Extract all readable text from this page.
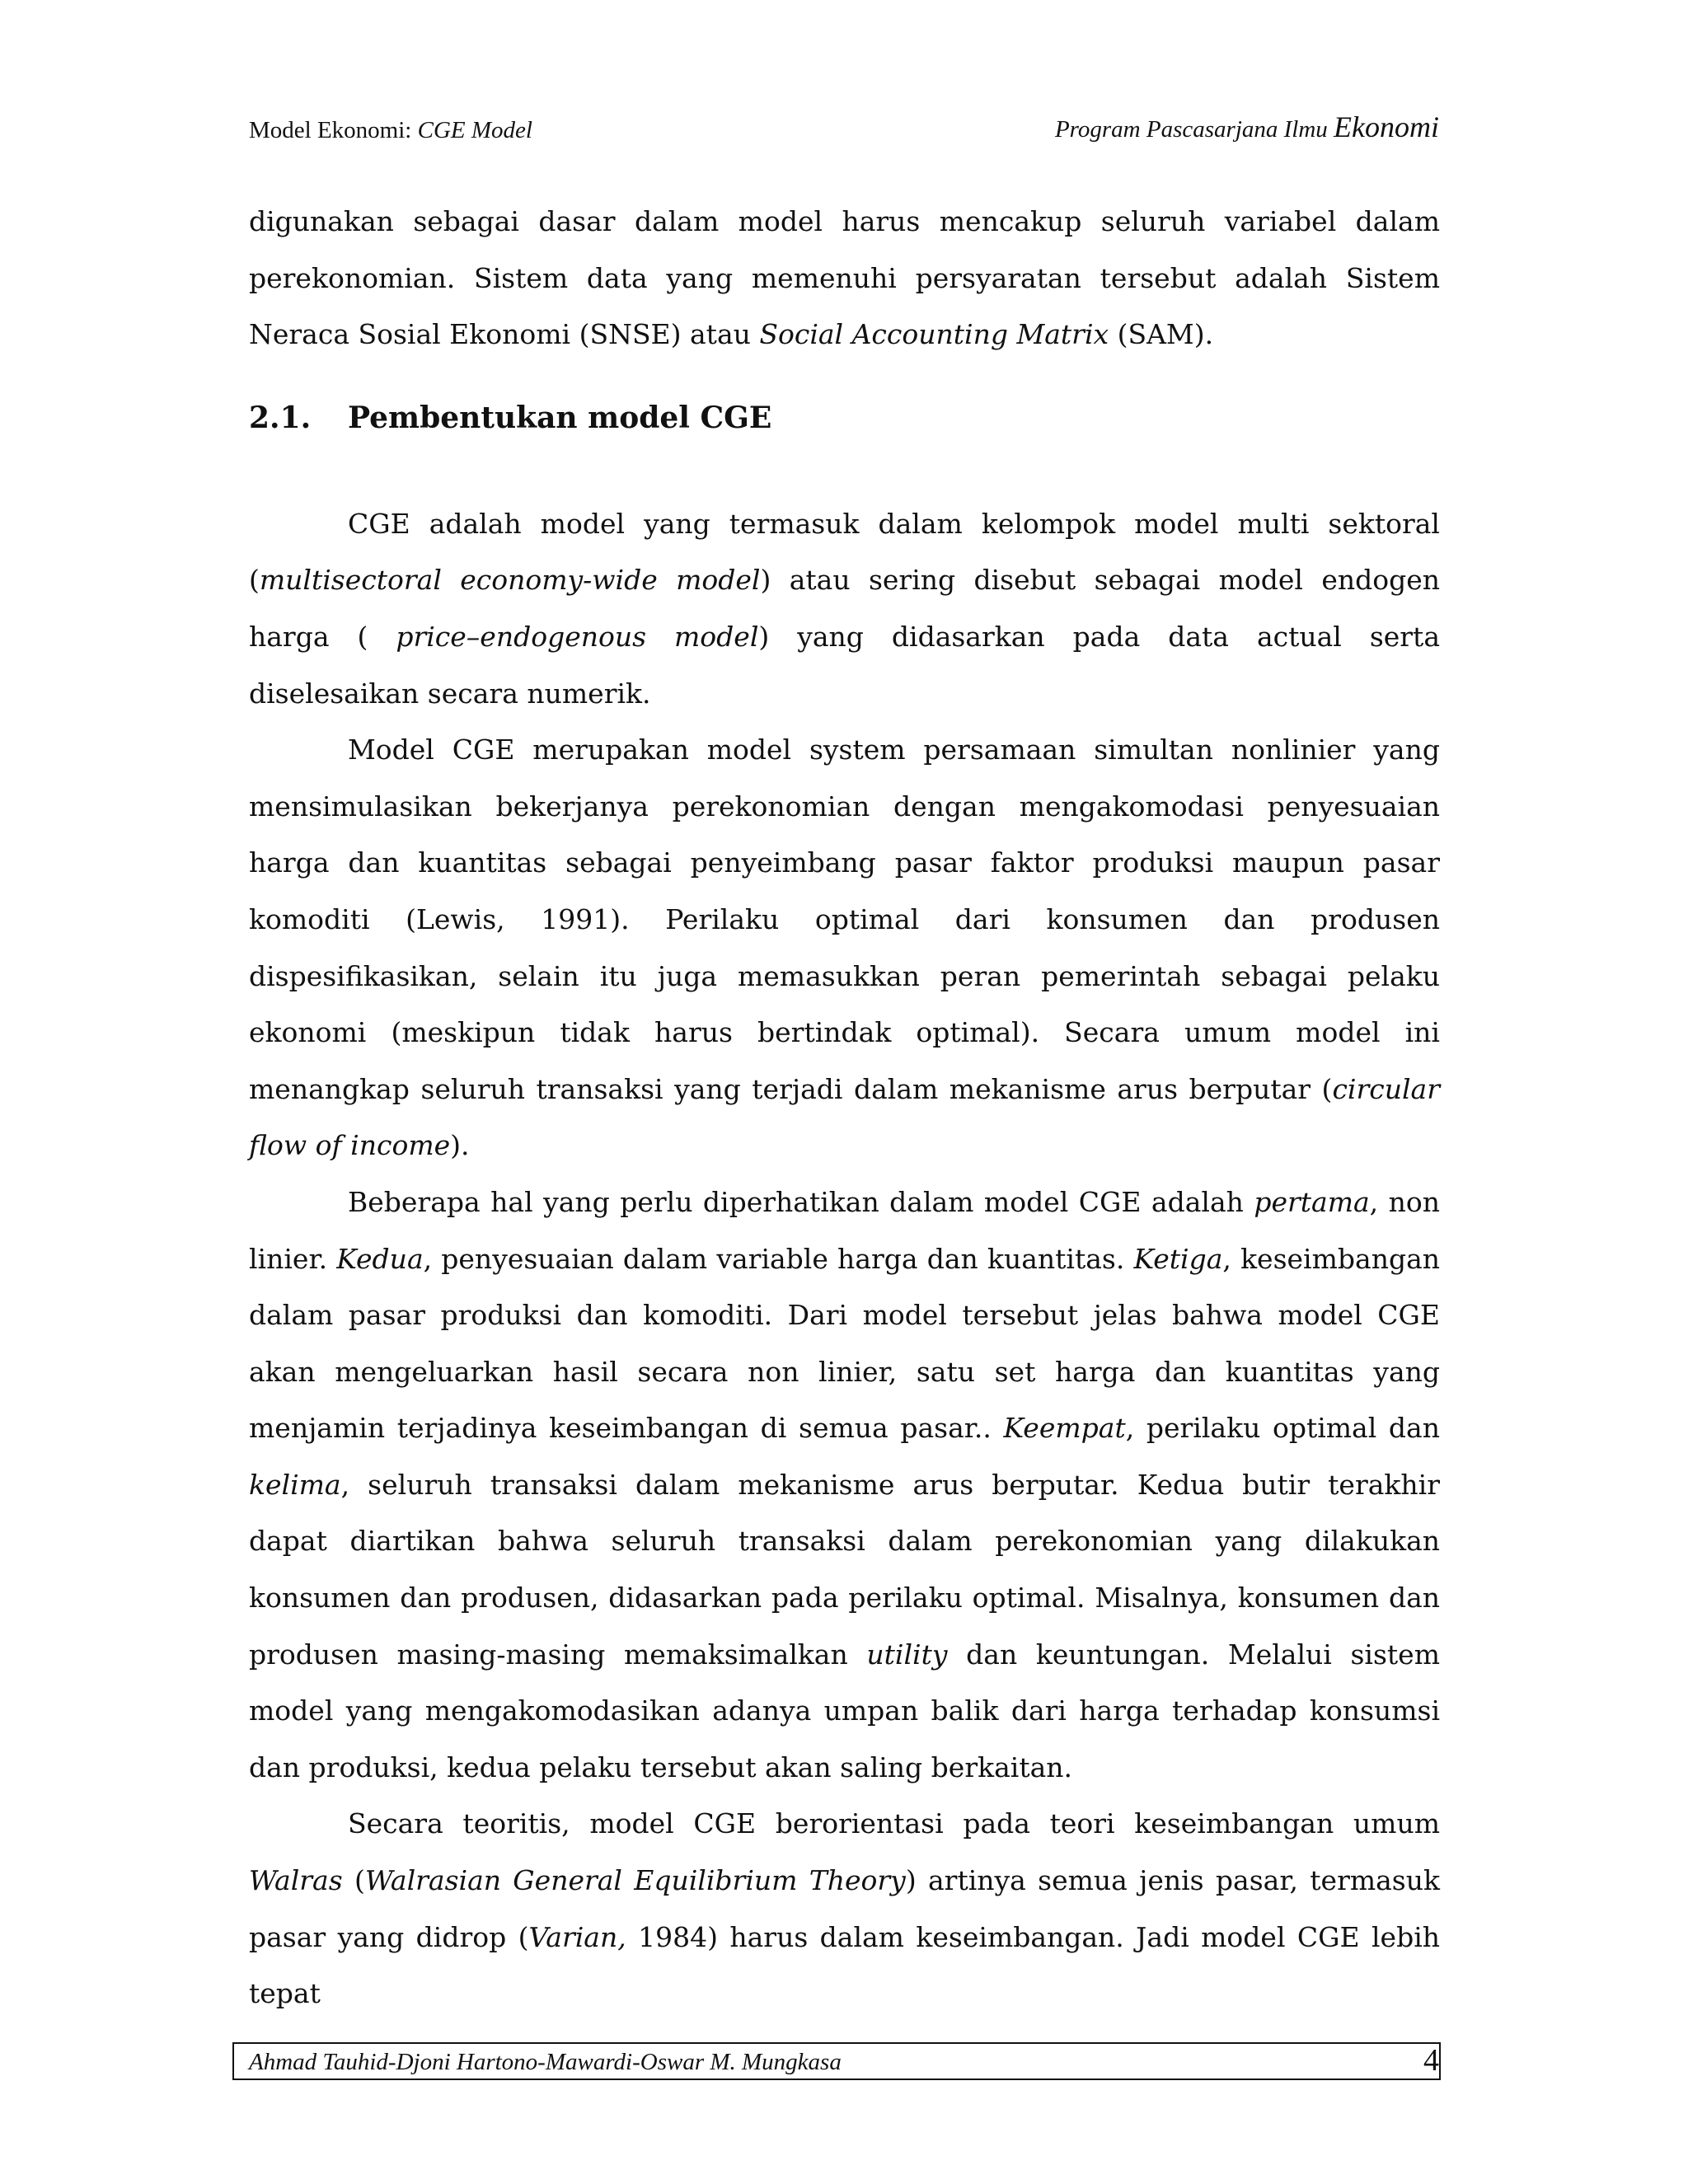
Model Ekonomi: CGE Model	Program Pascasarjana Ilmu Ekonomi

digunakan sebagai dasar dalam model harus mencakup seluruh variabel dalam perekonomian. Sistem data yang memenuhi persyaratan tersebut adalah Sistem Neraca Sosial Ekonomi (SNSE) atau Social Accounting Matrix (SAM).

2.1. Pembentukan model CGE

CGE adalah model yang termasuk dalam kelompok model multi sektoral (multisectoral economy-wide model) atau sering disebut sebagai model endogen harga ( price–endogenous model) yang didasarkan pada data actual serta diselesaikan secara numerik.

Model CGE merupakan model system persamaan simultan nonlinier yang mensimulasikan bekerjanya perekonomian dengan mengakomodasi penyesuaian harga dan kuantitas sebagai penyeimbang pasar faktor produksi maupun pasar komoditi (Lewis, 1991). Perilaku optimal dari konsumen dan produsen dispesifikasikan, selain itu juga memasukkan peran pemerintah sebagai pelaku ekonomi (meskipun tidak harus bertindak optimal). Secara umum model ini menangkap seluruh transaksi yang terjadi dalam mekanisme arus berputar (circular flow of income).

Beberapa hal yang perlu diperhatikan dalam model CGE adalah pertama, non linier. Kedua, penyesuaian dalam variable harga dan kuantitas. Ketiga, keseimbangan dalam pasar produksi dan komoditi. Dari model tersebut jelas bahwa model CGE akan mengeluarkan hasil secara non linier, satu set harga dan kuantitas yang menjamin terjadinya keseimbangan di semua pasar.. Keempat, perilaku optimal dan kelima, seluruh transaksi dalam mekanisme arus berputar. Kedua butir terakhir dapat diartikan bahwa seluruh transaksi dalam perekonomian yang dilakukan konsumen dan produsen, didasarkan pada perilaku optimal. Misalnya, konsumen dan produsen masing-masing memaksimalkan utility dan keuntungan. Melalui sistem model yang mengakomodasikan adanya umpan balik dari harga terhadap konsumsi dan produksi, kedua pelaku tersebut akan saling berkaitan.

Secara teoritis, model CGE berorientasi pada teori keseimbangan umum Walras (Walrasian General Equilibrium Theory) artinya semua jenis pasar, termasuk pasar yang didrop (Varian, 1984) harus dalam keseimbangan. Jadi model CGE lebih tepat

Ahmad Tauhid-Djoni Hartono-Mawardi-Oswar M. Mungkasa	4
